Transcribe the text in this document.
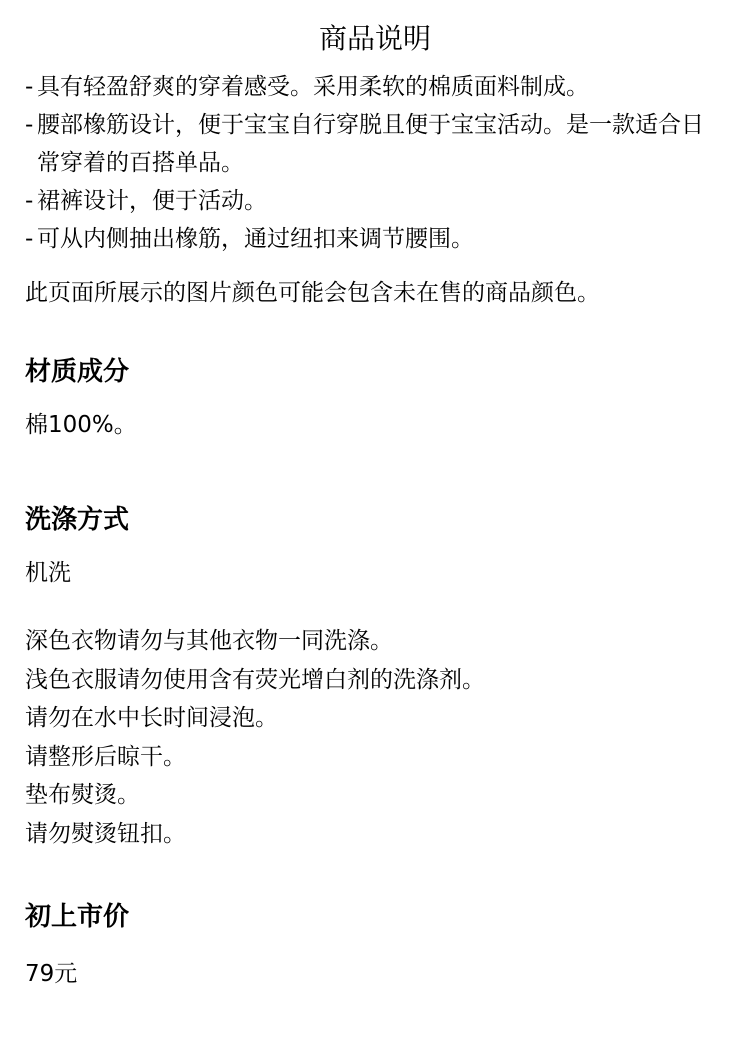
商品说明
- 具有轻盈舒爽的穿着感受。采用柔软的棉质面料制成。
- 腰部橡筋设计，便于宝宝自行穿脱且便于宝宝活动。是一款适合日常穿着的百搭单品。
- 裙裤设计，便于活动。
- 可从内侧抽出橡筋，通过纽扣来调节腰围。

此页面所展示的图片颜色可能会包含未在售的商品颜色。

材质成分

棉100%。

洗涤方式

机洗

深色衣物请勿与其他衣物一同洗涤。
浅色衣服请勿使用含有荧光增白剂的洗涤剂。
请勿在水中长时间浸泡。
请整形后晾干。
垫布熨烫。
请勿熨烫钮扣。
初上市价

79元
